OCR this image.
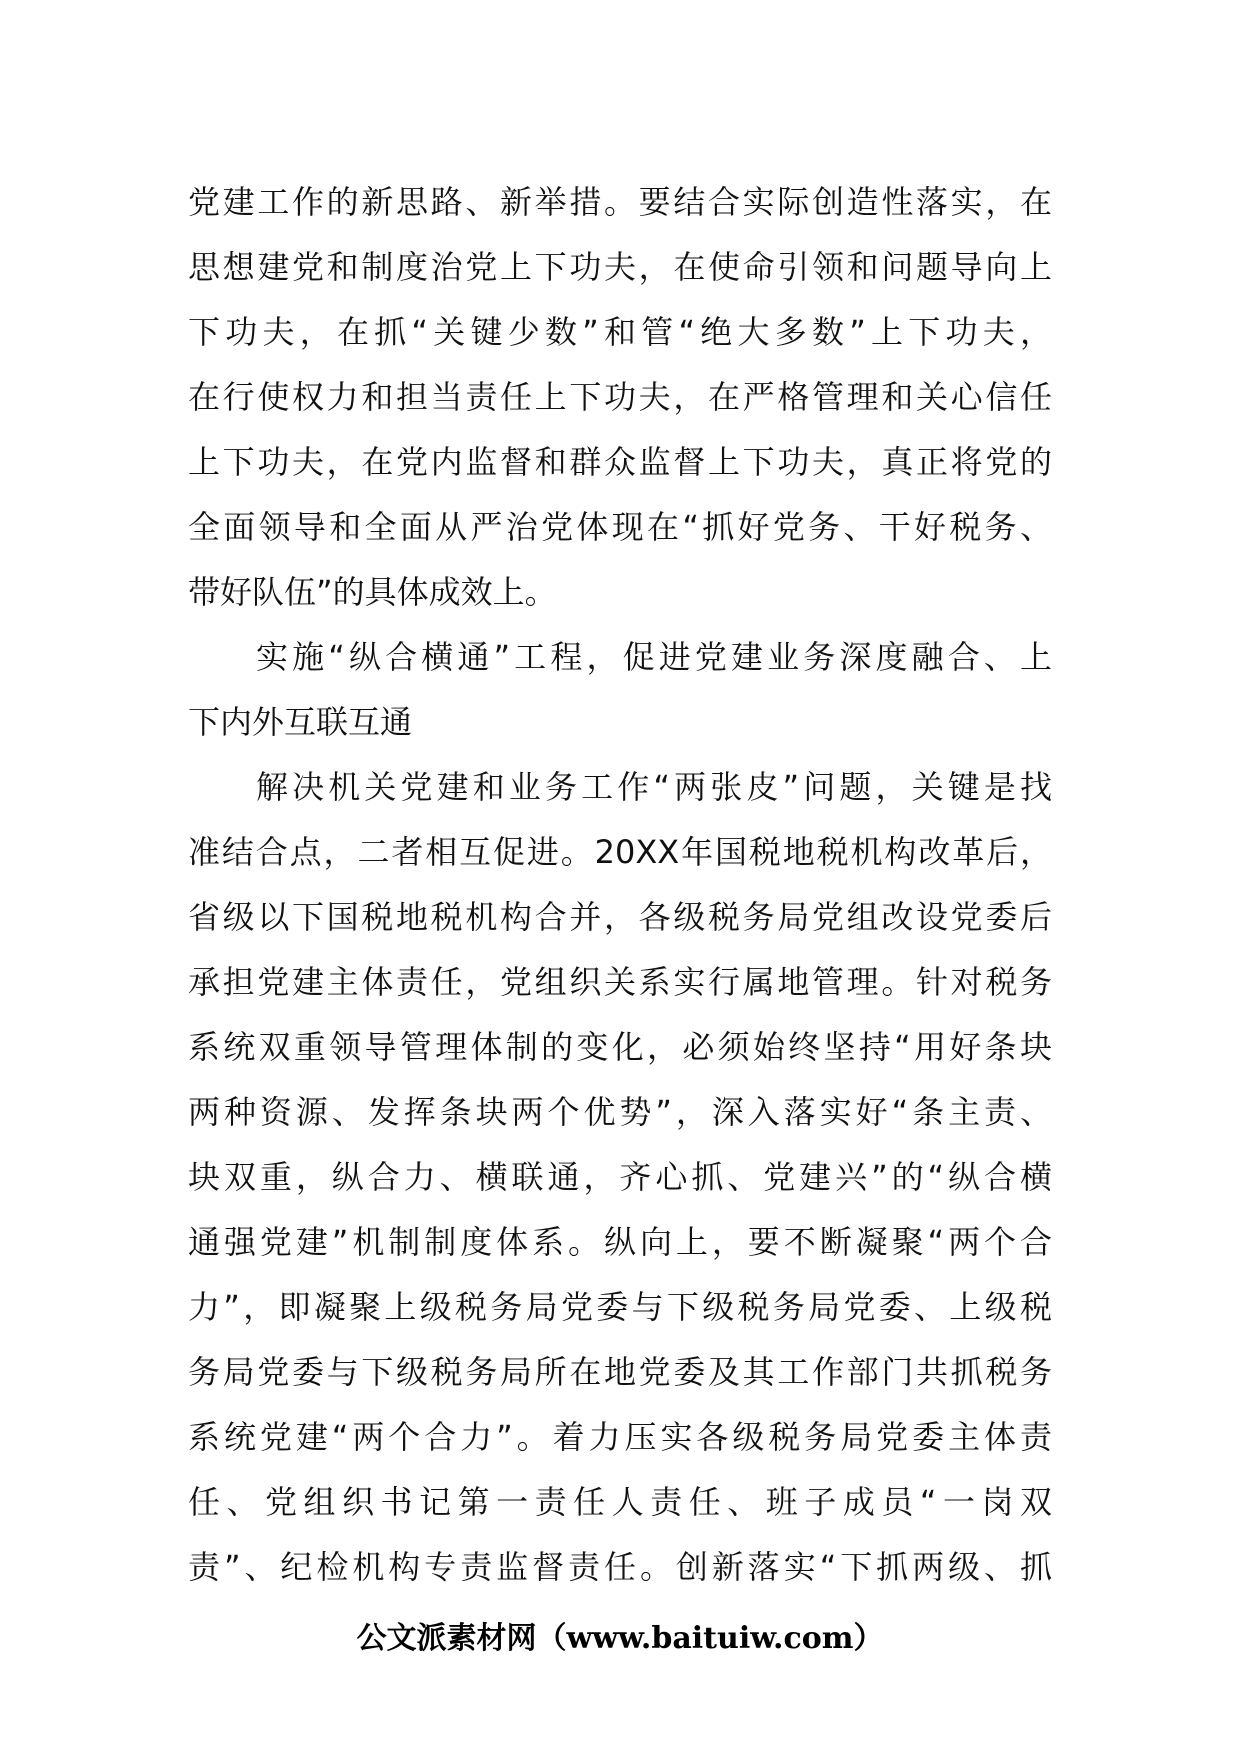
党建工作的新思路、新举措。要结合实际创造性落实，在
思想建党和制度治党上下功夫，在使命引领和问题导向上
下功夫，在抓“关键少数”和管“绝大多数”上下功夫，
在行使权力和担当责任上下功夫，在严格管理和关心信任
上下功夫，在党内监督和群众监督上下功夫，真正将党的
全面领导和全面从严治党体现在“抓好党务、干好税务、
带好队伍”的具体成效上。
实施“纵合横通”工程，促进党建业务深度融合、上
下内外互联互通
解决机关党建和业务工作“两张皮”问题，关键是找
准结合点，二者相互促进。20XX年国税地税机构改革后，
省级以下国税地税机构合并，各级税务局党组改设党委后
承担党建主体责任，党组织关系实行属地管理。针对税务
系统双重领导管理体制的变化，必须始终坚持“用好条块
两种资源、发挥条块两个优势”，深入落实好“条主责、
块双重，纵合力、横联通，齐心抓、党建兴”的“纵合横
通强党建”机制制度体系。纵向上，要不断凝聚“两个合
力”，即凝聚上级税务局党委与下级税务局党委、上级税
务局党委与下级税务局所在地党委及其工作部门共抓税务
系统党建“两个合力”。着力压实各级税务局党委主体责
任、党组织书记第一责任人责任、班子成员“一岗双
责”、纪检机构专责监督责任。创新落实“下抓两级、抓
公文派素材网（www.baituiw.com）
